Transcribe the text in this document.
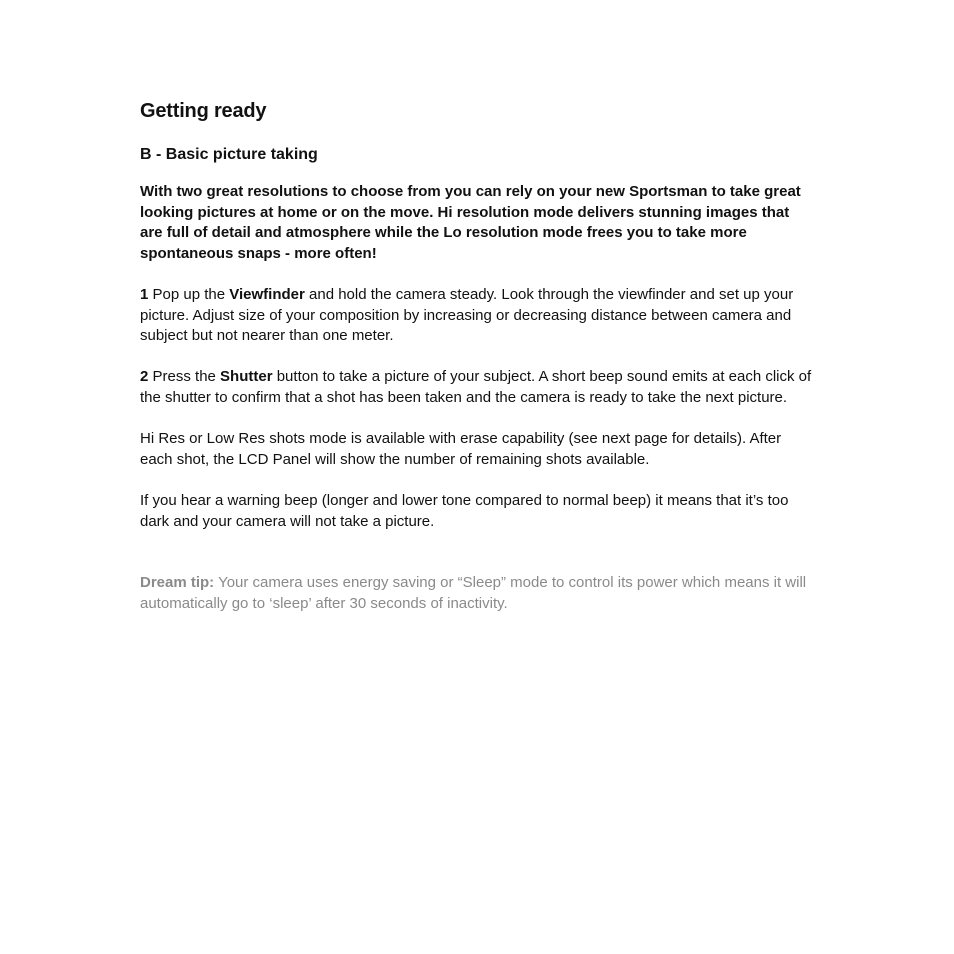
Getting ready
B - Basic picture taking

With two great resolutions to choose from you can rely on your new Sportsman to take great looking pictures at home or on the move. Hi resolution mode delivers stunning images that are full of detail and atmosphere while the Lo resolution mode frees you to take more spontaneous snaps - more often!

1 Pop up the Viewfinder and hold the camera steady. Look through the viewfinder and set up your picture. Adjust size of your composition by increasing or decreasing distance between camera and subject but not nearer than one meter.

2 Press the Shutter button to take a picture of your subject. A short beep sound emits at each click of the shutter to confirm that a shot has been taken and the camera is ready to take the next picture.

Hi Res or Low Res shots mode is available with erase capability (see next page for details). After each shot, the LCD Panel will show the number of remaining shots available.

If you hear a warning beep (longer and lower tone compared to normal beep) it means that it’s too dark and your camera will not take a picture.

Dream tip: Your camera uses energy saving or “Sleep” mode to control its power which means it will automatically go to ‘sleep’ after 30 seconds of inactivity.
